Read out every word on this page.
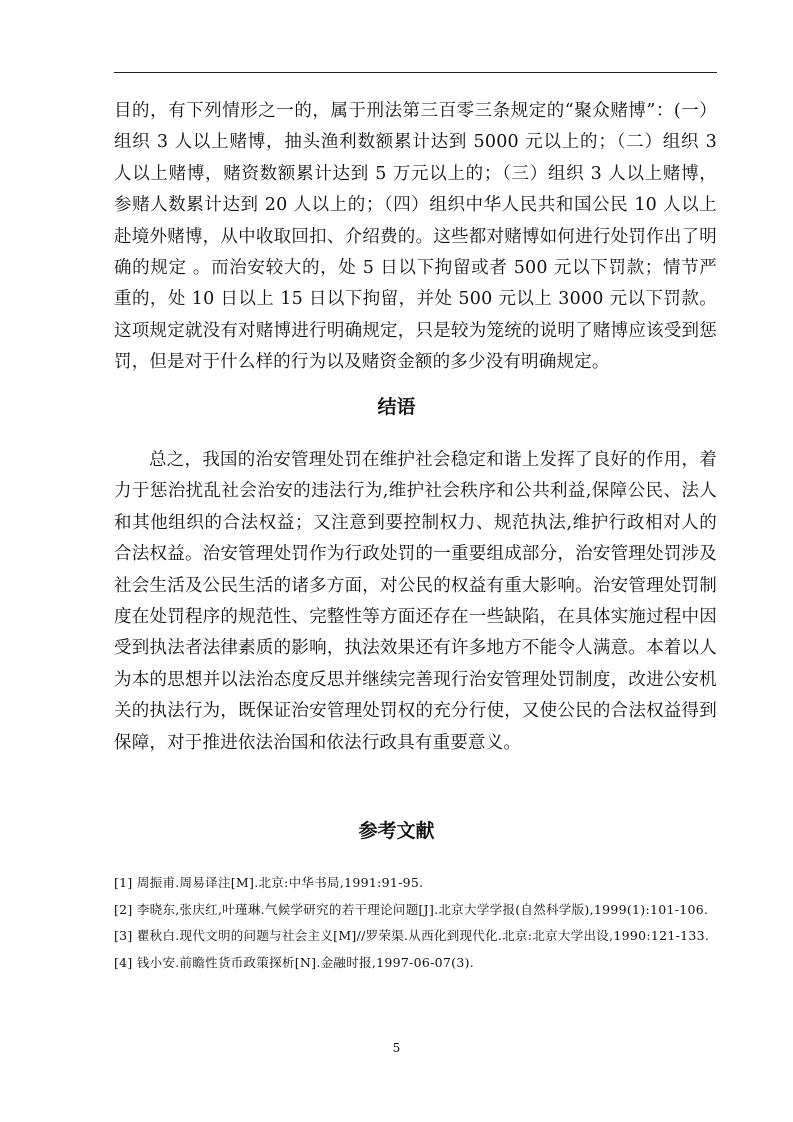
目的，有下列情形之一的，属于刑法第三百零三条规定的“聚众赌博”：(一）组织 3 人以上赌博，抽头渔利数额累计达到 5000 元以上的；（二）组织 3 人以上赌博，赌资数额累计达到 5 万元以上的；（三）组织 3 人以上赌博，参赌人数累计达到 20 人以上的；（四）组织中华人民共和国公民 10 人以上赴境外赌博，从中收取回扣、介绍费的。这些都对赌博如何进行处罚作出了明确的规定 。而治安较大的，处 5 日以下拘留或者 500 元以下罚款；情节严重的，处 10 日以上 15 日以下拘留，并处 500 元以上 3000 元以下罚款。这项规定就没有对赌博进行明确规定，只是较为笼统的说明了赌博应该受到惩罚，但是对于什么样的行为以及赌资金额的多少没有明确规定。

结语

总之，我国的治安管理处罚在维护社会稳定和谐上发挥了良好的作用，着力于惩治扰乱社会治安的违法行为,维护社会秩序和公共利益,保障公民、法人和其他组织的合法权益；又注意到要控制权力、规范执法,维护行政相对人的合法权益。治安管理处罚作为行政处罚的一重要组成部分，治安管理处罚涉及社会生活及公民生活的诸多方面，对公民的权益有重大影响。治安管理处罚制度在处罚程序的规范性、完整性等方面还存在一些缺陷，在具体实施过程中因受到执法者法律素质的影响，执法效果还有许多地方不能令人满意。本着以人为本的思想并以法治态度反思并继续完善现行治安管理处罚制度，改进公安机关的执法行为，既保证治安管理处罚权的充分行使，又使公民的合法权益得到保障，对于推进依法治国和依法行政具有重要意义。

参考文献
[1] 周振甫.周易译注[M].北京:中华书局,1991:91-95.
[2] 李晓东,张庆红,叶瑾琳.气候学研究的若干理论问题[J].北京大学学报(自然科学版),1999(1):101-106.
[3] 瞿秋白.现代文明的问题与社会主义[M]//罗荣渠.从西化到现代化.北京:北京大学出设,1990:121-133.
[4] 钱小安.前瞻性货币政策探析[N].金融时报,1997-06-07(3).
5
